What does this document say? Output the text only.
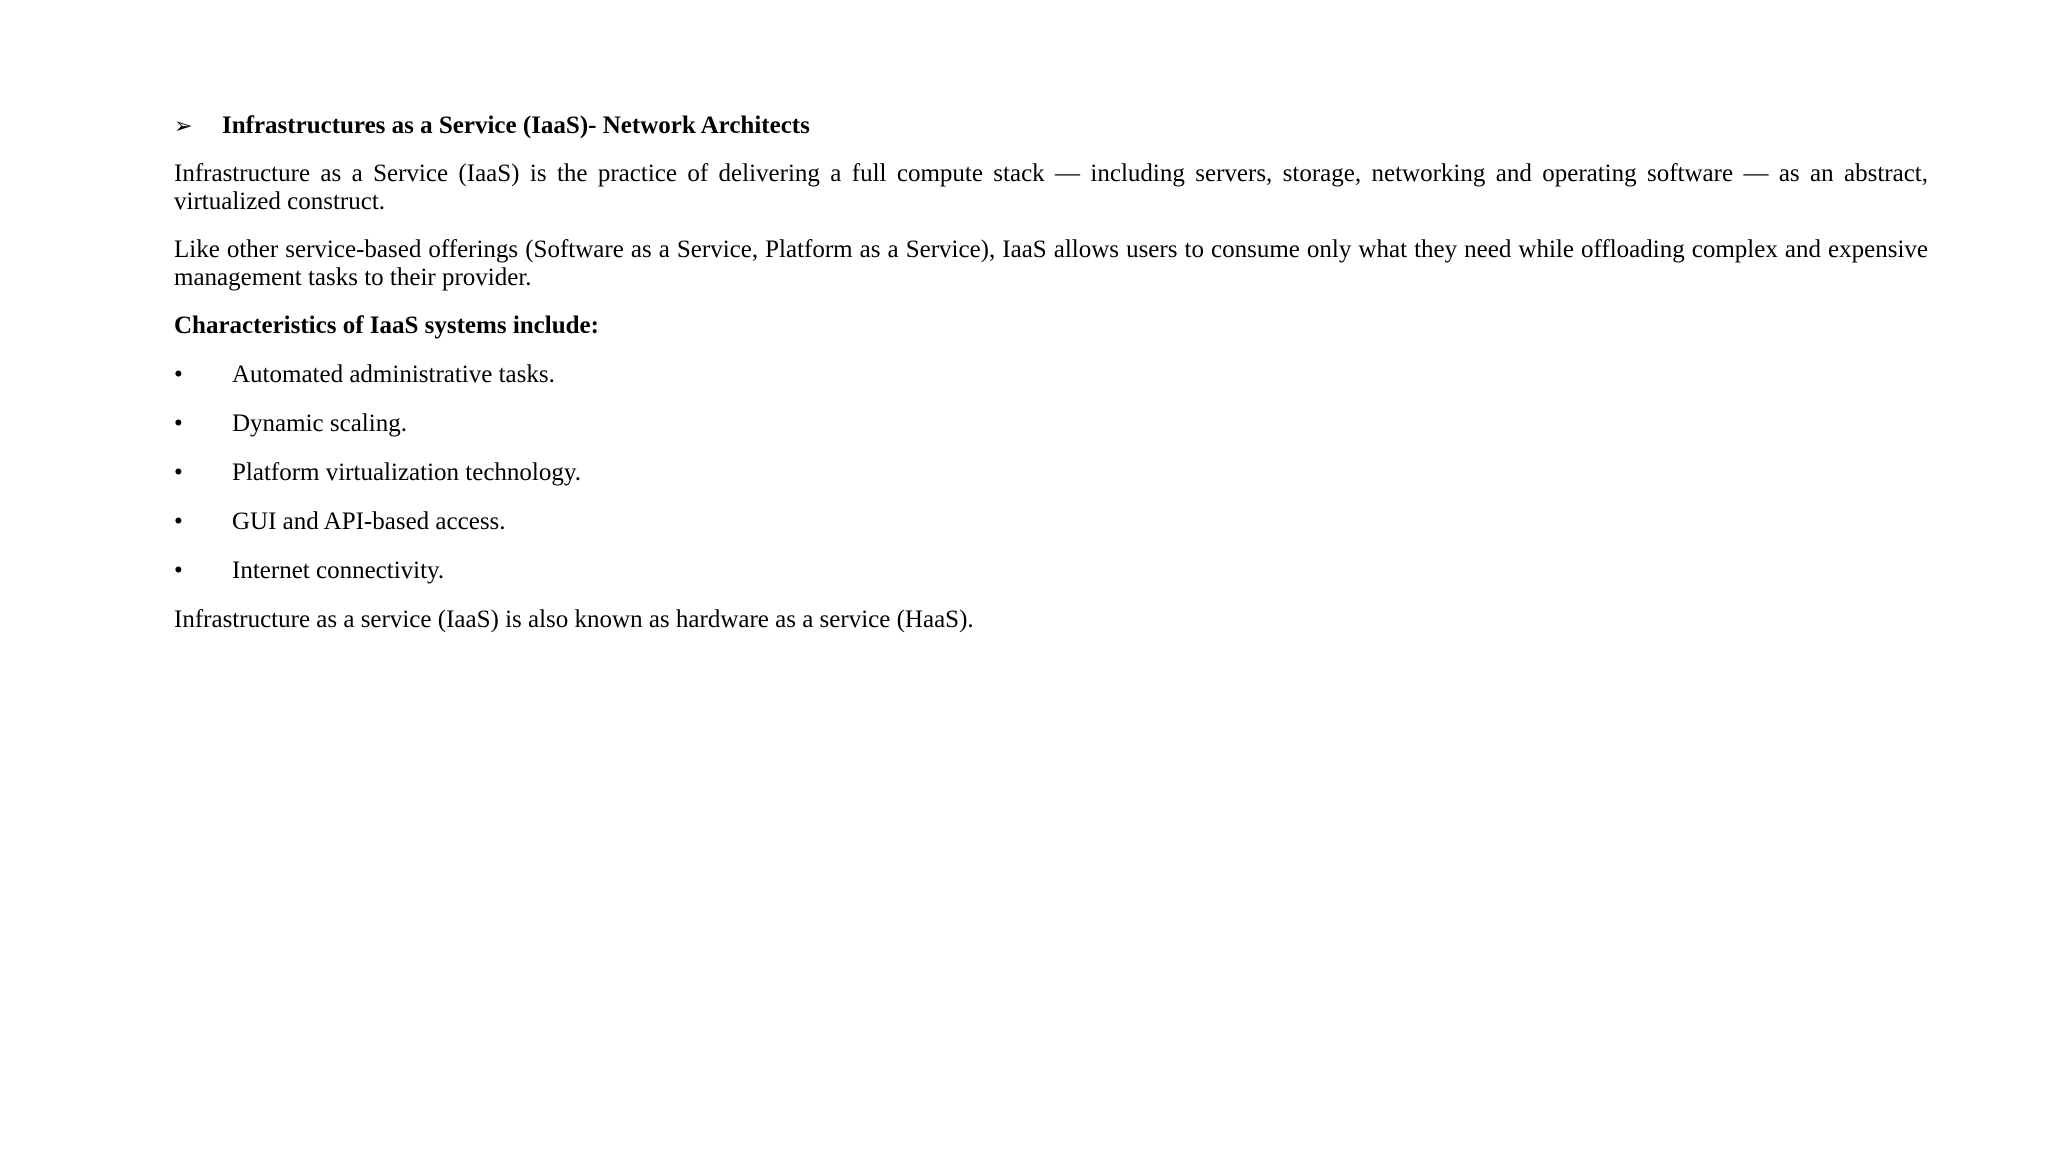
➢	Infrastructures as a Service (IaaS)- Network Architects

Infrastructure as a Service (IaaS) is the practice of delivering a full compute stack — including servers, storage, networking and operating software — as an abstract, virtualized construct.

Like other service-based offerings (Software as a Service, Platform as a Service), IaaS allows users to consume only what they need while offloading complex and expensive management tasks to their provider.

Characteristics of IaaS systems include:

•	Automated administrative tasks.
•	Dynamic scaling.
•	Platform virtualization technology.
•	GUI and API-based access.
•	Internet connectivity.

Infrastructure as a service (IaaS) is also known as hardware as a service (HaaS).
